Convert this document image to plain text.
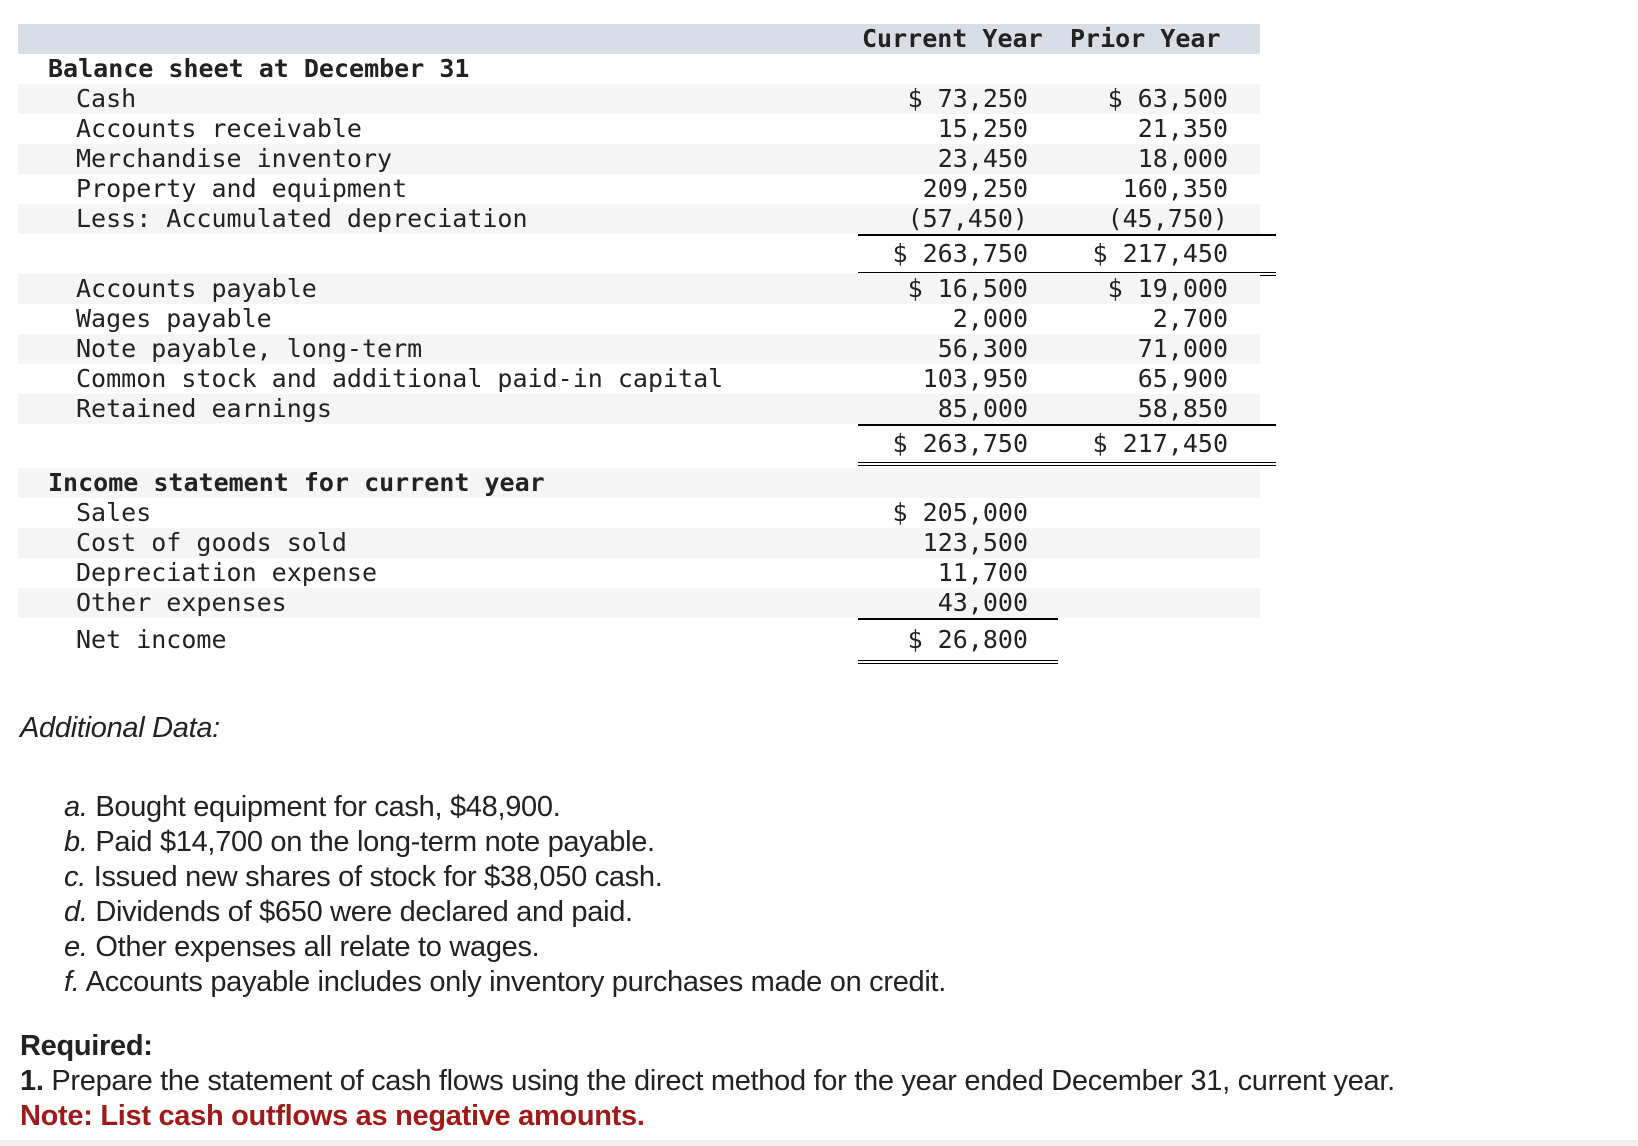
Current Year Prior Year
Balance sheet at December 31
Cash	$ 73,250	$ 63,500
Accounts receivable	15,250	21,350
Merchandise inventory	23,450	18,000
Property and equipment	209,250	160,350
Less: Accumulated depreciation	(57,450)	(45,750)
$ 263,750	$ 217,450
Accounts payable	$ 16,500	$ 19,000
Wages payable	2,000	2,700
Note payable, long-term	56,300	71,000
Common stock and additional paid-in capital	103,950	65,900
Retained earnings	85,000	58,850
$ 263,750	$ 217,450
Income statement for current year
Sales	$ 205,000
Cost of goods sold	123,500
Depreciation expense	11,700
Other expenses	43,000
Net income	$ 26,800
Additional Data:
a. Bought equipment for cash, $48,900.
b. Paid $14,700 on the long-term note payable.
c. Issued new shares of stock for $38,050 cash.
d. Dividends of $650 were declared and paid.
e. Other expenses all relate to wages.
f. Accounts payable includes only inventory purchases made on credit.
Required:
1. Prepare the statement of cash flows using the direct method for the year ended December 31, current year.
Note: List cash outflows as negative amounts.
